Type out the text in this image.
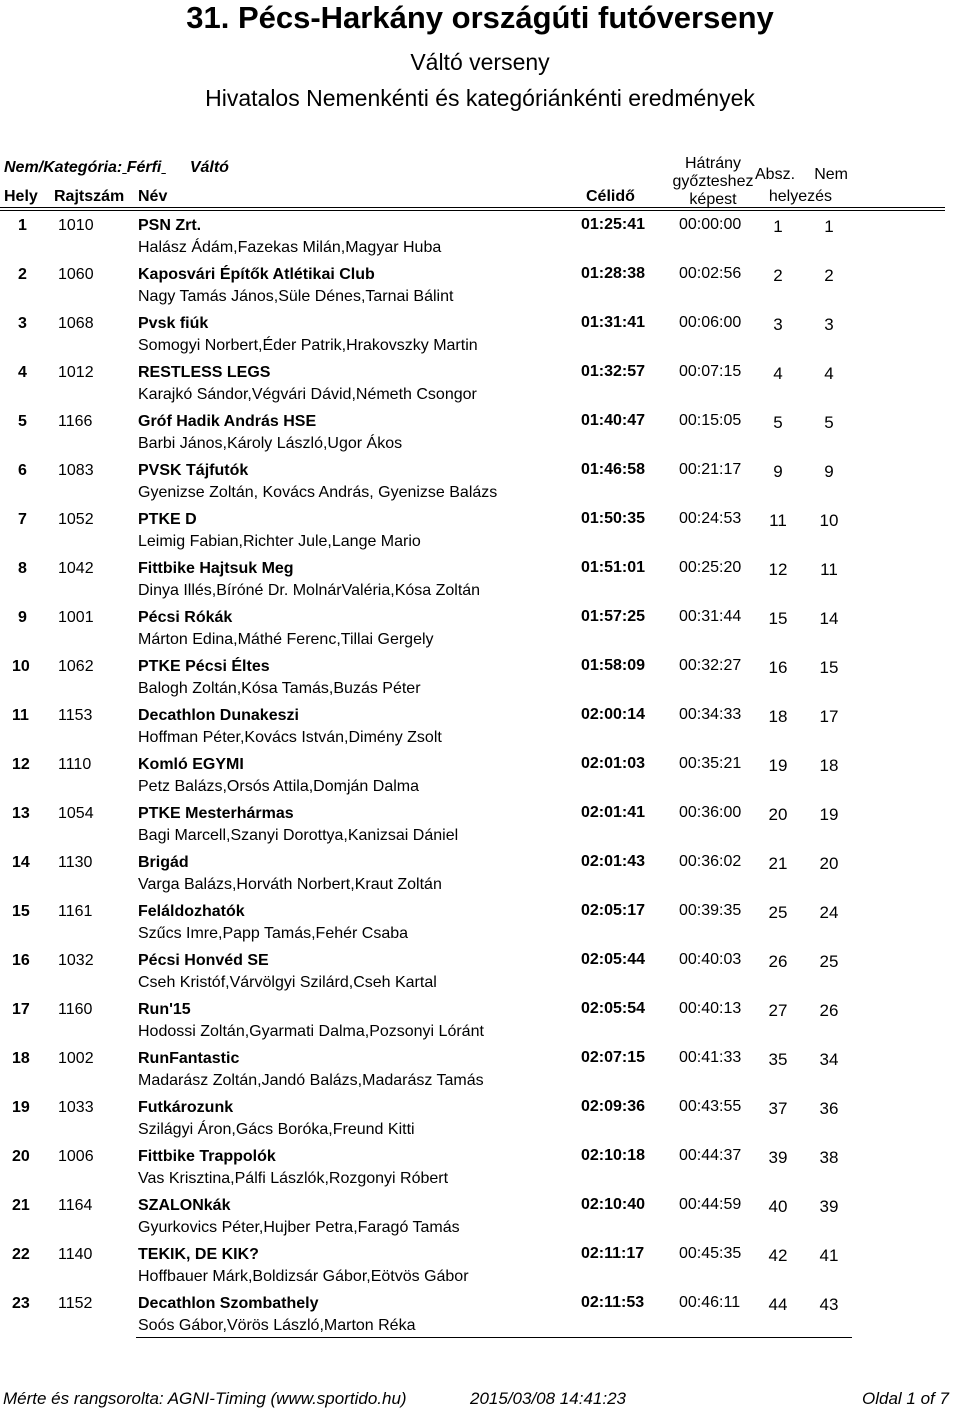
31. Pécs-Harkány országúti futóverseny
Váltó verseny
Hivatalos Nemenkénti és kategóriánkénti eredmények
Nem/Kategória: Férfi Váltó
Hely Rajtszám Név	Célidő
Hátrány
győzteshez
képest
Absz.	Nem
helyezés
1 1010	PSN Zrt.
Halász Ádám,Fazekas Milán,Magyar Huba
01:25:41 00:00:00	1	1
2 1060	Kaposvári Építők Atlétikai Club
Nagy Tamás János,Süle Dénes,Tarnai Bálint
01:28:38 00:02:56	2	2
3 1068	Pvsk fiúk
Somogyi Norbert,Éder Patrik,Hrakovszky Martin
01:31:41 00:06:00	3	3
4 1012	RESTLESS LEGS
Karajkó Sándor,Végvári Dávid,Németh Csongor
01:32:57 00:07:15	4	4
5 1166	Gróf Hadik András HSE
Barbi János,Károly László,Ugor Ákos
01:40:47 00:15:05	5	5
6 1083	PVSK Tájfutók
Gyenizse Zoltán, Kovács András, Gyenizse Balázs
01:46:58 00:21:17	9	9
7 1052	PTKE D
Leimig Fabian,Richter Jule,Lange Mario
01:50:35 00:24:53	11	10
8 1042	Fittbike Hajtsuk Meg
Dinya Illés,Bíróné Dr. MolnárValéria,Kósa Zoltán
01:51:01 00:25:20	12	11
9 1001	Pécsi Rókák
Márton Edina,Máthé Ferenc,Tillai Gergely
01:57:25 00:31:44	15	14
10 1062	PTKE Pécsi Éltes
Balogh Zoltán,Kósa Tamás,Buzás Péter
01:58:09 00:32:27	16	15
11 1153	Decathlon Dunakeszi
Hoffman Péter,Kovács István,Dimény Zsolt
02:00:14 00:34:33	18	17
12 1110	Komló EGYMI
Petz Balázs,Orsós Attila,Domján Dalma
02:01:03 00:35:21	19	18
13 1054	PTKE Mesterhármas
Bagi Marcell,Szanyi Dorottya,Kanizsai Dániel
02:01:41 00:36:00	20	19
14 1130	Brigád
Varga Balázs,Horváth Norbert,Kraut Zoltán
02:01:43 00:36:02	21	20
15 1161	Feláldozhatók
Szűcs Imre,Papp Tamás,Fehér Csaba
02:05:17 00:39:35	25	24
16 1032	Pécsi Honvéd SE
Cseh Kristóf,Várvölgyi Szilárd,Cseh Kartal
02:05:44 00:40:03	26	25
17 1160	Run'15
Hodossi Zoltán,Gyarmati Dalma,Pozsonyi Lóránt
02:05:54 00:40:13	27	26
18 1002	RunFantastic
Madarász Zoltán,Jandó Balázs,Madarász Tamás
02:07:15 00:41:33	35	34
19 1033	Futkározunk
Szilágyi Áron,Gács Boróka,Freund Kitti
02:09:36 00:43:55	37	36
20 1006	Fittbike Trappolók
Vas Krisztina,Pálfi Lászlók,Rozgonyi Róbert
02:10:18 00:44:37	39	38
21 1164	SZALONkák
Gyurkovics Péter,Hujber Petra,Faragó Tamás
02:10:40 00:44:59	40	39
22 1140	TEKIK, DE KIK?
Hoffbauer Márk,Boldizsár Gábor,Eötvös Gábor
02:11:17 00:45:35	42	41
23 1152	Decathlon Szombathely
Soós Gábor,Vörös László,Marton Réka
02:11:53 00:46:11	44	43
Mérte és rangsorolta: AGNI-Timing (www.sportido.hu)	2015/03/08 14:41:23	Oldal 1 of 7
